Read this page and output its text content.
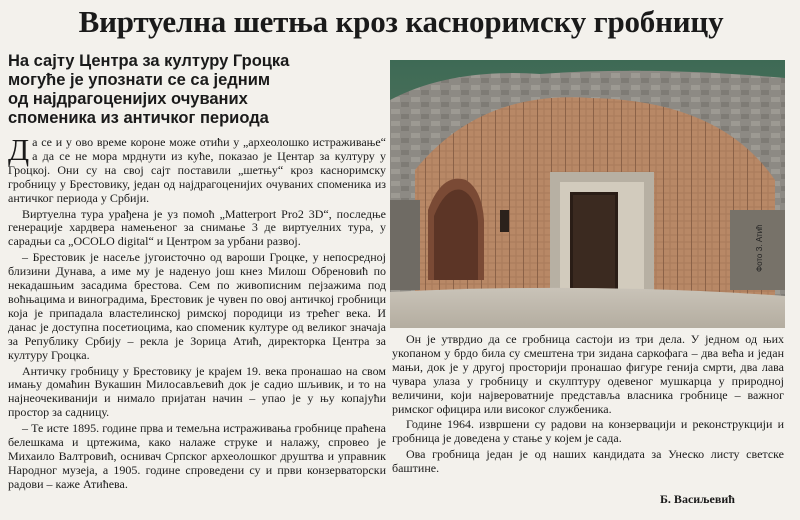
Виртуелна шетња кроз касноримску гробницу
На сајту Центра за културу Гроцка
могуће је упознати се са једним
од најдрагоценијих очуваних
споменика из античког периода

Да се и у ово време короне може отићи у „археолошко истраживање“ а да се не мора мрднути из куће, показао је Центар за културу у Гроцкој. Они су на свој сајт поставили „шетњу“ кроз касноримску гробницу у Брестовику, један од најдрагоценијих очуваних споменика из античког периода у Србији.

Виртуелна тура урађена је уз помоћ „Matterport Pro2 3D“, последње генерације хардвера намењеног за снимање 3 де виртуелних тура, у сарадњи са „OCOLO digital“ и Центром за урбани развој.

– Брестовик је насеље југоисточно од вароши Гроцке, у непосредној близини Дунава, а име му је наденуо још кнез Милош Обреновић по некадашњим засадима брестова. Сем по живописним пејзажима под воћњацима и виноградима, Брестовик је чувен по овој античкој гробници која је припадала властелинској римској породици из трећег века. И данас је доступна посетиоцима, као споменик културе од великог значаја за Републику Србију – рекла је Зорица Атић, директорка Центра за културу Гроцка.

Античку гробницу у Брестовику је крајем 19. века пронашао на свом имању домаћин Вукашин Милосављевић док је садио шљивик, и то на најнеочекиванији и нимало пријатан начин – упао је у њу копајући простор за садницу.

– Те исте 1895. године прва и темељна истраживања гробнице праћена белешкама и цртежима, како налаже струке и налажу, спровео је Михаило Валтровић, оснивач Српског археолошког друштва и управник Народног музеја, а 1905. године спроведени су и први конзерваторски радови – каже Атићева.

Фото З. Атић

Он је утврдио да се гробница састоји из три дела. У једном од њих укопаном у брдо била су смештена три зидана саркофага – два већа и један мањи, док је у другој просторији пронашао фигуре генија смрти, два лава чувара улаза у гробницу и скулптуру одевеног мушкарца у природној величини, који највероватније представља власника гробнице – важног римског официра или високог службеника.

Године 1964. извршени су радови на конзервацији и реконструкцији и гробница је доведена у стање у којем је сада.

Ова гробница један је од наших кандидата за Унеско листу светске баштине.

Б. Васиљевић
